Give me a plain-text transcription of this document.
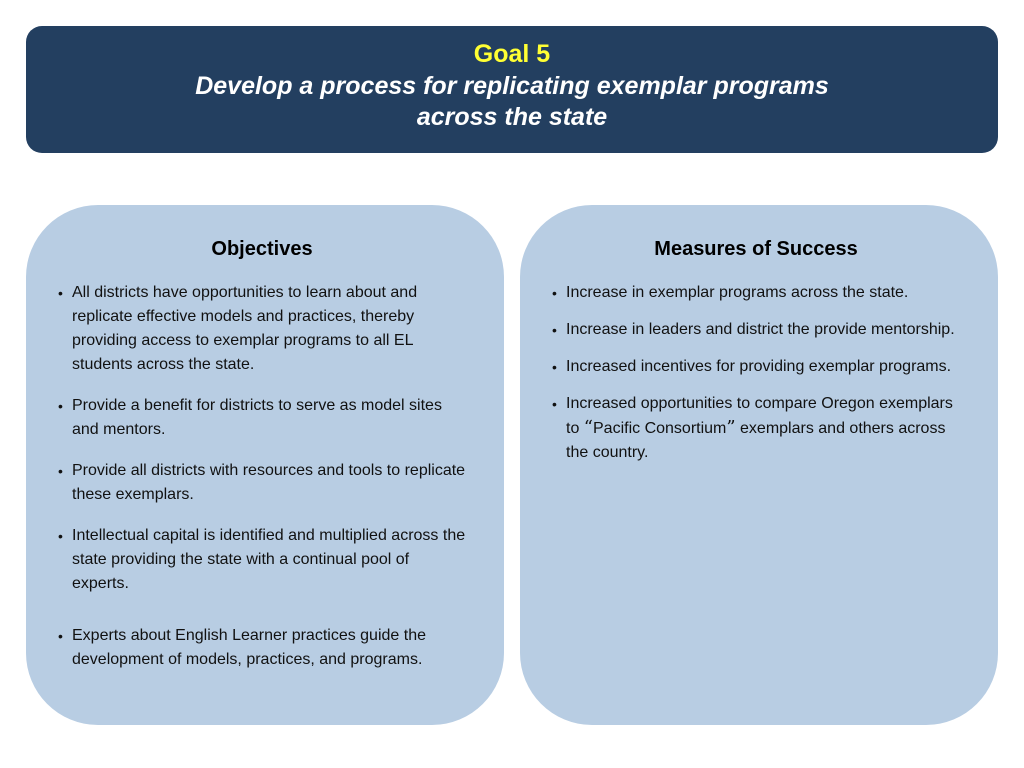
Goal 5
Develop a process for replicating exemplar programs across the state
Objectives
• All districts have opportunities to learn about and replicate effective models and practices, thereby providing access to exemplar programs to all EL students across the state.
• Provide a benefit for districts to serve as model sites and mentors.
• Provide all districts with resources and tools to replicate these exemplars.
• Intellectual capital is identified and multiplied across the state providing the state with a continual pool of experts.
• Experts about English Learner practices guide the development of models, practices, and programs.
Measures of Success
• Increase in exemplar programs across the state.
• Increase in leaders and district the provide mentorship.
• Increased incentives for providing exemplar programs.
• Increased opportunities to compare Oregon exemplars to “Pacific Consortium” exemplars and others across the country.
